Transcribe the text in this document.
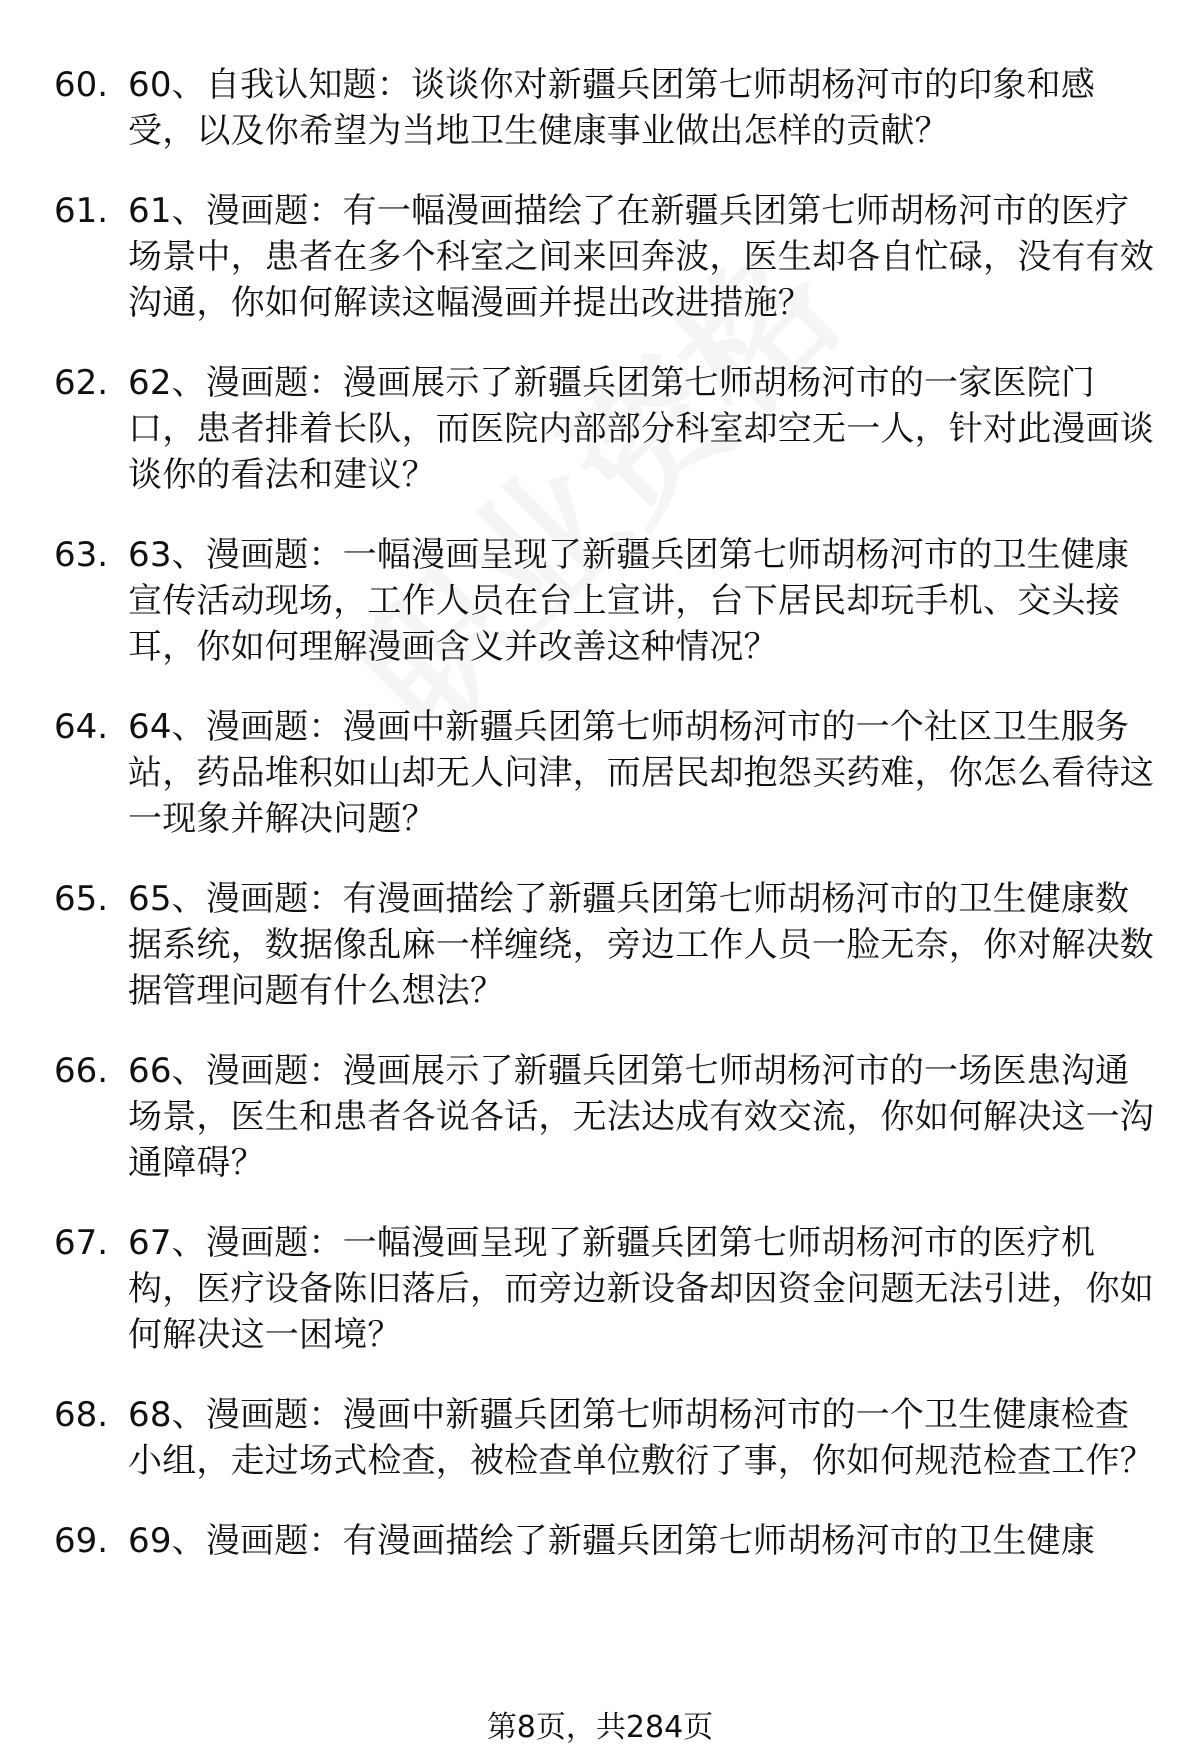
60. 60、自我认知题：谈谈你对新疆兵团第七师胡杨河市的印象和感受，以及你希望为当地卫生健康事业做出怎样的贡献？
61. 61、漫画题：有一幅漫画描绘了在新疆兵团第七师胡杨河市的医疗场景中，患者在多个科室之间来回奔波，医生却各自忙碌，没有有效沟通，你如何解读这幅漫画并提出改进措施？
62. 62、漫画题：漫画展示了新疆兵团第七师胡杨河市的一家医院门口，患者排着长队，而医院内部部分科室却空无一人，针对此漫画谈谈你的看法和建议？
63. 63、漫画题：一幅漫画呈现了新疆兵团第七师胡杨河市的卫生健康宣传活动现场，工作人员在台上宣讲，台下居民却玩手机、交头接耳，你如何理解漫画含义并改善这种情况？
64. 64、漫画题：漫画中新疆兵团第七师胡杨河市的一个社区卫生服务站，药品堆积如山却无人问津，而居民却抱怨买药难，你怎么看待这一现象并解决问题？
65. 65、漫画题：有漫画描绘了新疆兵团第七师胡杨河市的卫生健康数据系统，数据像乱麻一样缠绕，旁边工作人员一脸无奈，你对解决数据管理问题有什么想法？
66. 66、漫画题：漫画展示了新疆兵团第七师胡杨河市的一场医患沟通场景，医生和患者各说各话，无法达成有效交流，你如何解决这一沟通障碍？
67. 67、漫画题：一幅漫画呈现了新疆兵团第七师胡杨河市的医疗机构，医疗设备陈旧落后，而旁边新设备却因资金问题无法引进，你如何解决这一困境？
68. 68、漫画题：漫画中新疆兵团第七师胡杨河市的一个卫生健康检查小组，走过场式检查，被检查单位敷衍了事，你如何规范检查工作？
69. 69、漫画题：有漫画描绘了新疆兵团第七师胡杨河市的卫生健康
第8页，共284页
